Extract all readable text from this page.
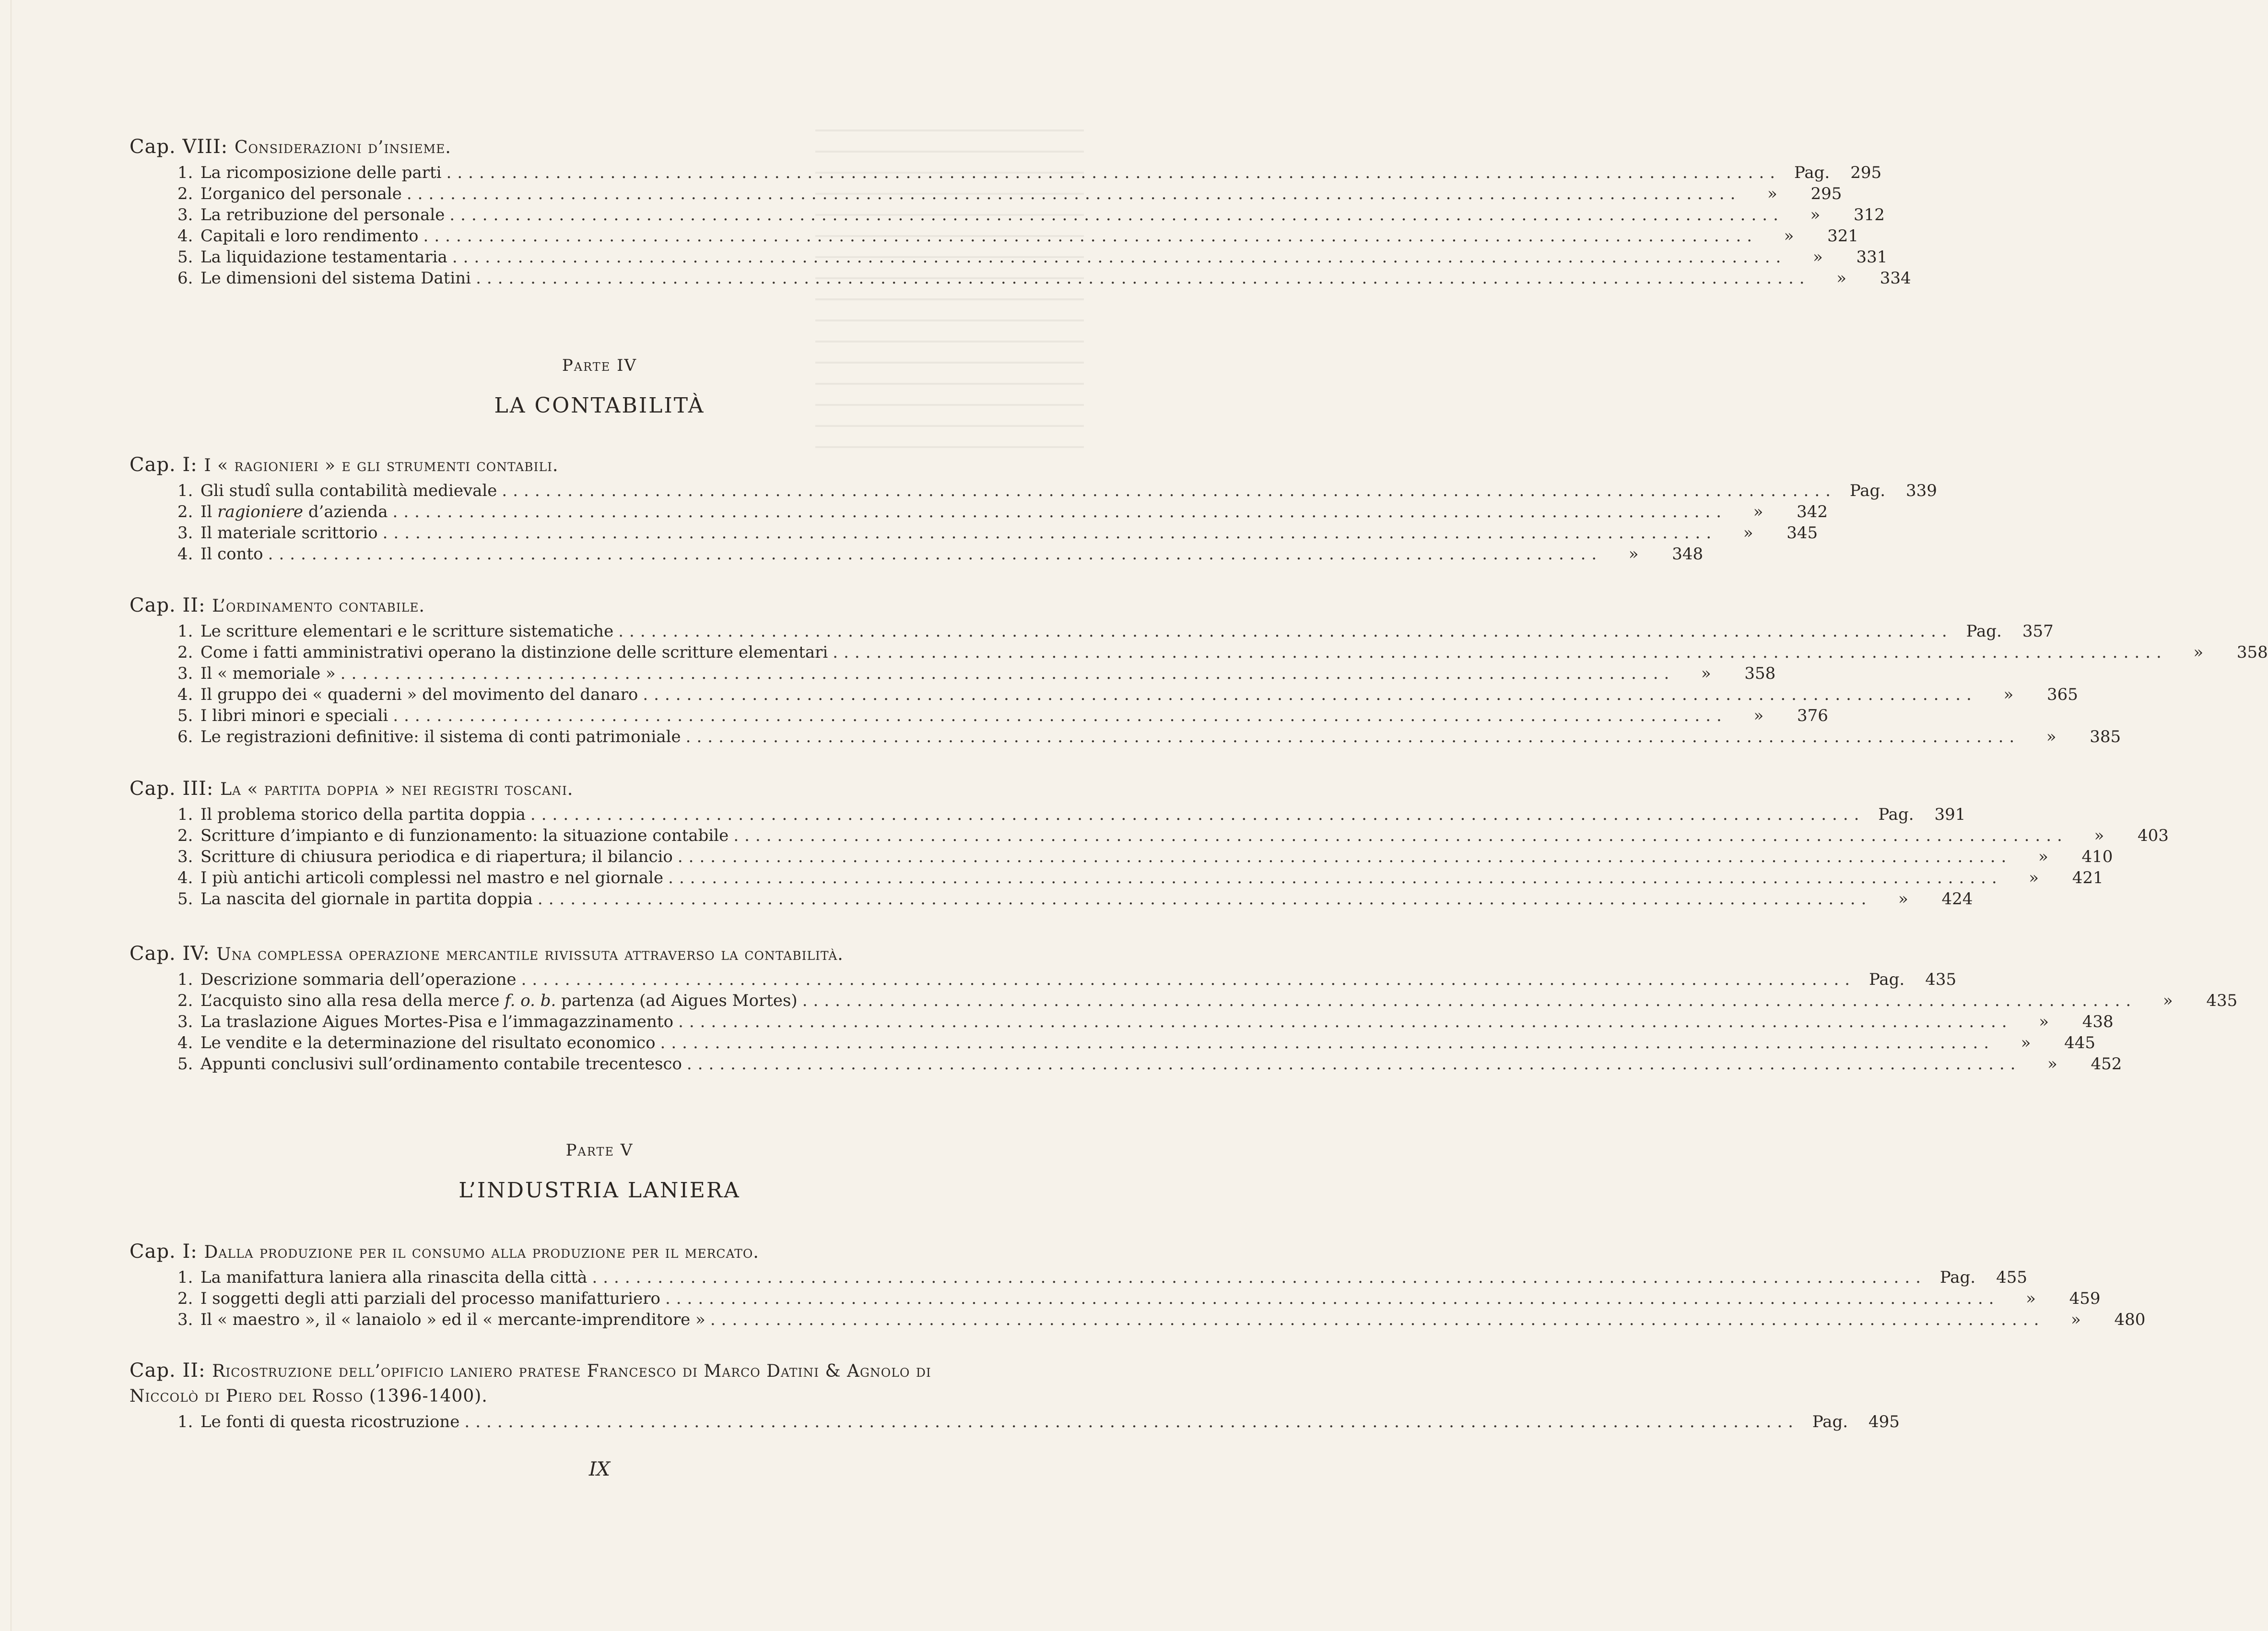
Cap. VIII: Considerazioni d’insieme.
1. La ricomposizione delle parti .......................................................................................................................... Pag.	295
2. L’organico del personale ..........................................................................................................................	»	295
3. La retribuzione del personale ..........................................................................................................................	»	312
4. Capitali e loro rendimento ..........................................................................................................................	»	321
5. La liquidazione testamentaria ..........................................................................................................................	»	331
6. Le dimensioni del sistema Datini ..........................................................................................................................	»	334
Parte IV
LA CONTABILITÀ
Cap. I: I « ragionieri » e gli strumenti contabili.
1. Gli studî sulla contabilità medievale .......................................................................................................................... Pag.	339
2. Il ragioniere d’azienda ..........................................................................................................................	»	342
3. Il materiale scrittorio ..........................................................................................................................	»	345
4. Il conto ..........................................................................................................................	»	348
Cap. II: L’ordinamento contabile.
1. Le scritture elementari e le scritture sistematiche .......................................................................................................................... Pag.	357
2. Come i fatti amministrativi operano la distinzione delle scritture elementari ..........................................................................................................................	»	358
3. Il « memoriale » ..........................................................................................................................	»	358
4. Il gruppo dei « quaderni » del movimento del danaro ..........................................................................................................................	»	365
5. I libri minori e speciali ..........................................................................................................................	»	376
6. Le registrazioni definitive: il sistema di conti patrimoniale ..........................................................................................................................	»	385
Cap. III: La « partita doppia » nei registri toscani.
1. Il problema storico della partita doppia .......................................................................................................................... Pag.	391
2. Scritture d’impianto e di funzionamento: la situazione contabile ..........................................................................................................................	»	403
3. Scritture di chiusura periodica e di riapertura; il bilancio ..........................................................................................................................	»	410
4. I più antichi articoli complessi nel mastro e nel giornale ..........................................................................................................................	»	421
5. La nascita del giornale in partita doppia ..........................................................................................................................	»	424
Cap. IV: Una complessa operazione mercantile rivissuta attraverso la contabilità.
1. Descrizione sommaria dell’operazione .......................................................................................................................... Pag.	435
2. L’acquisto sino alla resa della merce f. o. b. partenza (ad Aigues Mortes) ..........................................................................................................................	»	435
3. La traslazione Aigues Mortes-Pisa e l’immagazzinamento ..........................................................................................................................	»	438
4. Le vendite e la determinazione del risultato economico ..........................................................................................................................	»	445
5. Appunti conclusivi sull’ordinamento contabile trecentesco ..........................................................................................................................	»	452
Parte V
L’INDUSTRIA LANIERA
Cap. I: Dalla produzione per il consumo alla produzione per il mercato.
1. La manifattura laniera alla rinascita della città .......................................................................................................................... Pag.	455
2. I soggetti degli atti parziali del processo manifatturiero ..........................................................................................................................	»	459
3. Il « maestro », il « lanaiolo » ed il « mercante-imprenditore » ..........................................................................................................................	»	480
Cap. II: Ricostruzione dell’opificio laniero pratese Francesco di Marco Datini & Agnolo di Niccolò di Piero del Rosso (1396-1400).
1. Le fonti di questa ricostruzione .......................................................................................................................... Pag.	495
IX
